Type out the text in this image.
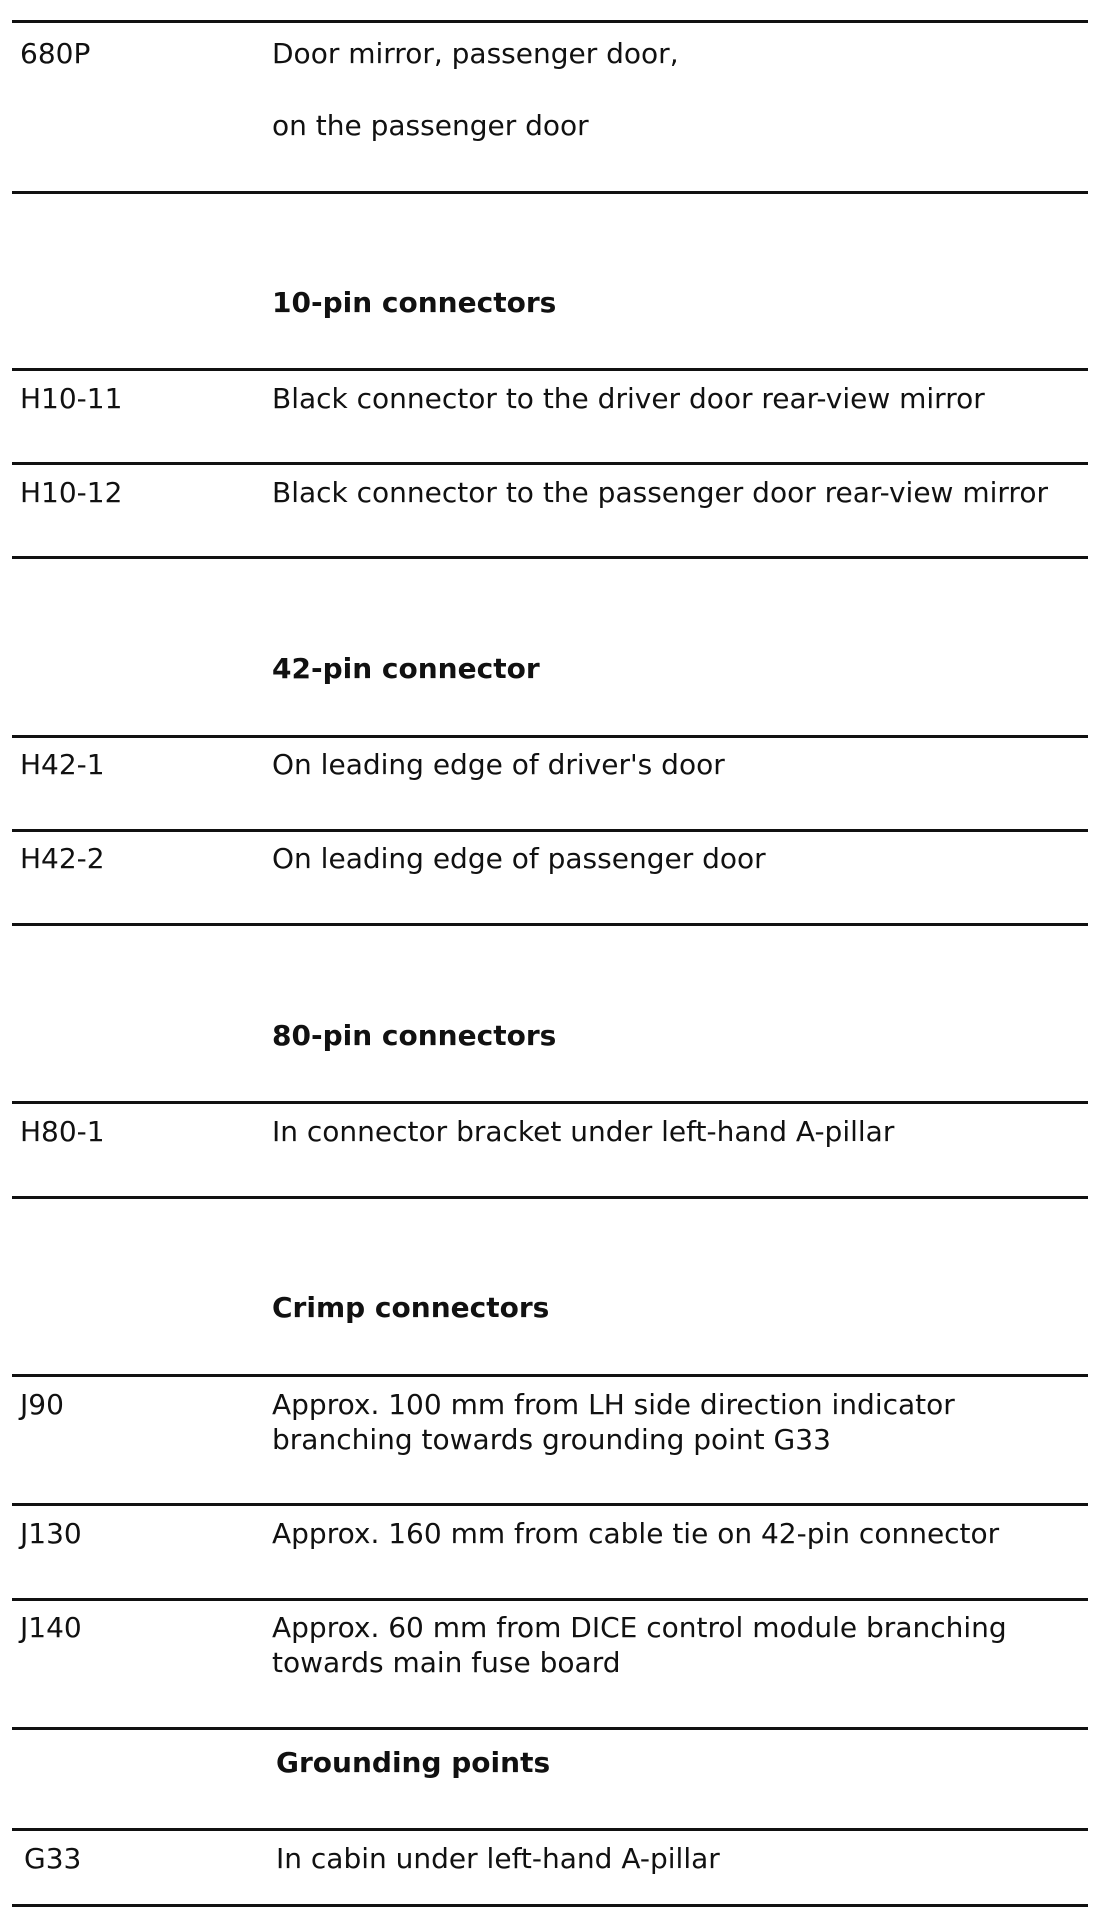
680P	Door mirror, passenger door,
on the passenger door
10-pin connectors
H10-11	Black connector to the driver door rear-view mirror
H10-12	Black connector to the passenger door rear-view mirror
42-pin connector
H42-1	On leading edge of driver's door
H42-2	On leading edge of passenger door
80-pin connectors
H80-1	In connector bracket under left-hand A-pillar
Crimp connectors
J90	Approx. 100 mm from LH side direction indicator
branching towards grounding point G33
J130	Approx. 160 mm from cable tie on 42-pin connector
J140	Approx. 60 mm from DICE control module branching
towards main fuse board
Grounding points
G33	In cabin under left-hand A-pillar
